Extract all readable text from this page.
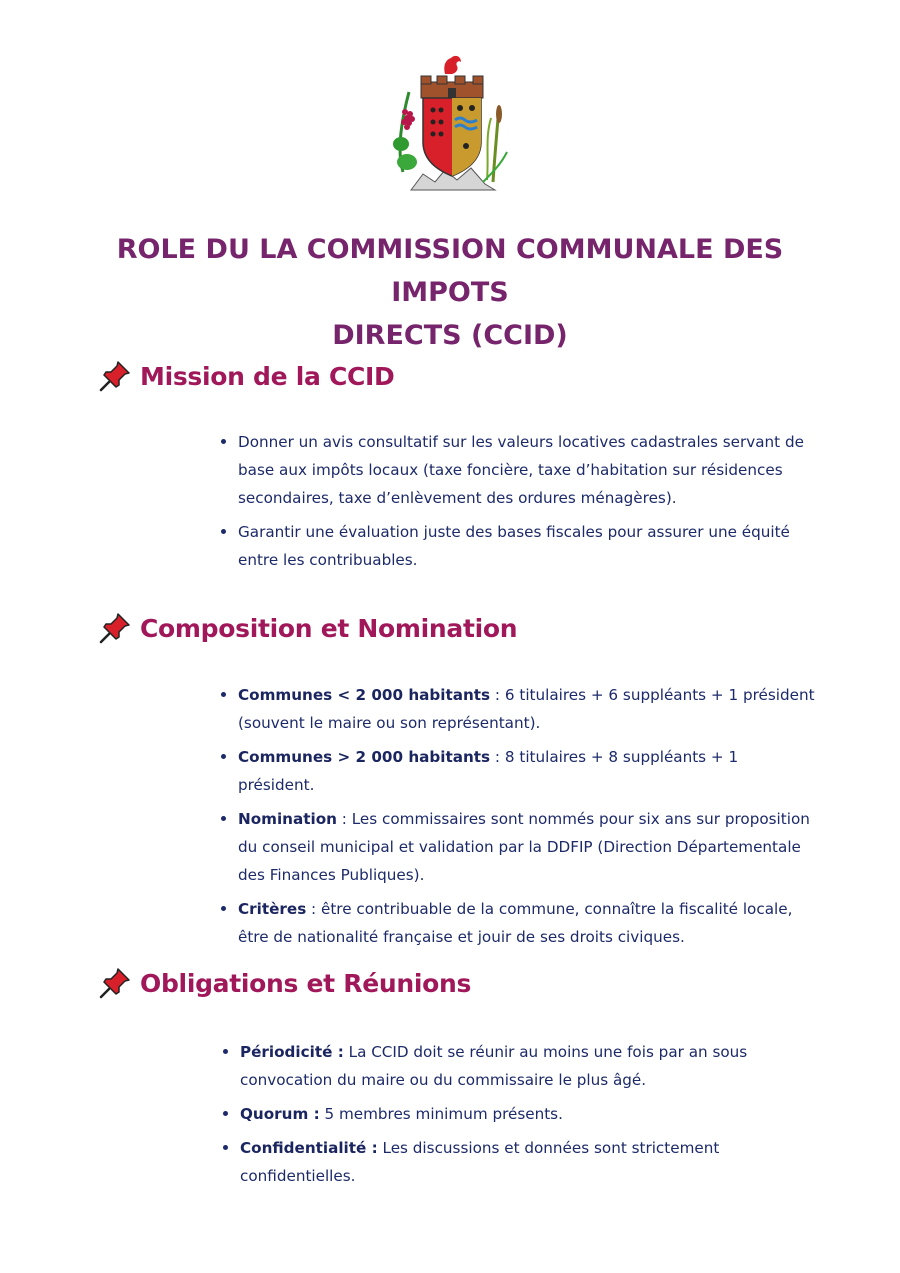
ROLE DU LA COMMISSION COMMUNALE DES IMPOTS
DIRECTS (CCID)
Mission de la CCID
Donner un avis consultatif sur les valeurs locatives cadastrales servant de base aux impôts locaux (taxe foncière, taxe d’habitation sur résidences secondaires, taxe d’enlèvement des ordures ménagères).
Garantir une évaluation juste des bases fiscales pour assurer une équité entre les contribuables.
Composition et Nomination
Communes < 2 000 habitants : 6 titulaires + 6 suppléants + 1 président (souvent le maire ou son représentant).
Communes > 2 000 habitants : 8 titulaires + 8 suppléants + 1 président.
Nomination : Les commissaires sont nommés pour six ans sur proposition du conseil municipal et validation par la DDFIP (Direction Départementale des Finances Publiques).
Critères : être contribuable de la commune, connaître la fiscalité locale, être de nationalité française et jouir de ses droits civiques.
Obligations et Réunions
Périodicité : La CCID doit se réunir au moins une fois par an sous convocation du maire ou du commissaire le plus âgé.
Quorum : 5 membres minimum présents.
Confidentialité : Les discussions et données sont strictement confidentielles.
